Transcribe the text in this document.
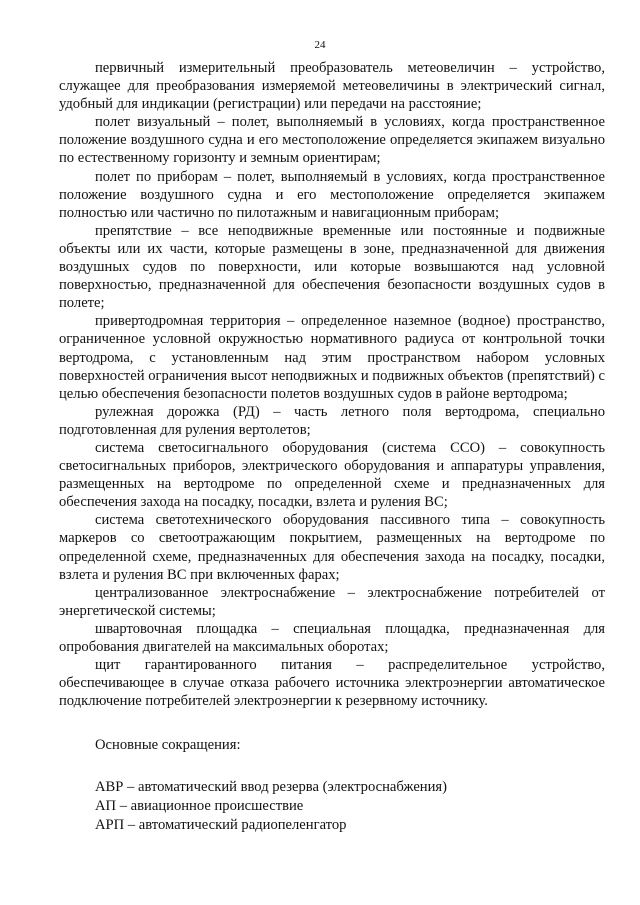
24

первичный измерительный преобразователь метеовеличин – устройство, служащее для преобразования измеряемой метеовеличины в электрический сигнал, удобный для индикации (регистрации) или передачи на расстояние;

полет визуальный – полет, выполняемый в условиях, когда пространственное положение воздушного судна и его местоположение определяется экипажем визуально по естественному горизонту и земным ориентирам;

полет по приборам – полет, выполняемый в условиях, когда пространственное положение воздушного судна и его местоположение определяется экипажем полностью или частично по пилотажным и навигационным приборам;

препятствие – все неподвижные временные или постоянные и подвижные объекты или их части, которые размещены в зоне, предназначенной для движения воздушных судов по поверхности, или которые возвышаются над условной поверхностью, предназначенной для обеспечения безопасности воздушных судов в полете;

привертодромная территория – определенное наземное (водное) пространство, ограниченное условной окружностью нормативного радиуса от контрольной точки вертодрома, с установленным над этим пространством набором условных поверхностей ограничения высот неподвижных и подвижных объектов (препятствий) с целью обеспечения безопасности полетов воздушных судов в районе вертодрома;

рулежная дорожка (РД) – часть летного поля вертодрома, специально подготовленная для руления вертолетов;

система светосигнального оборудования (система ССО) – совокупность светосигнальных приборов, электрического оборудования и аппаратуры управления, размещенных на вертодроме по определенной схеме и предназначенных для обеспечения захода на посадку, посадки, взлета и руления ВС;

система светотехнического оборудования пассивного типа – совокупность маркеров со светоотражающим покрытием, размещенных на вертодроме по определенной схеме, предназначенных для обеспечения захода на посадку, посадки, взлета и руления ВС при включенных фарах;

централизованное электроснабжение – электроснабжение потребителей от энергетической системы;

швартовочная площадка – специальная площадка, предназначенная для опробования двигателей на максимальных оборотах;

щит гарантированного питания – распределительное устройство, обеспечивающее в случае отказа рабочего источника электроэнергии автоматическое подключение потребителей электроэнергии к резервному источнику.

Основные сокращения:

АВР – автоматический ввод резерва (электроснабжения)
АП – авиационное происшествие
АРП – автоматический радиопеленгатор
